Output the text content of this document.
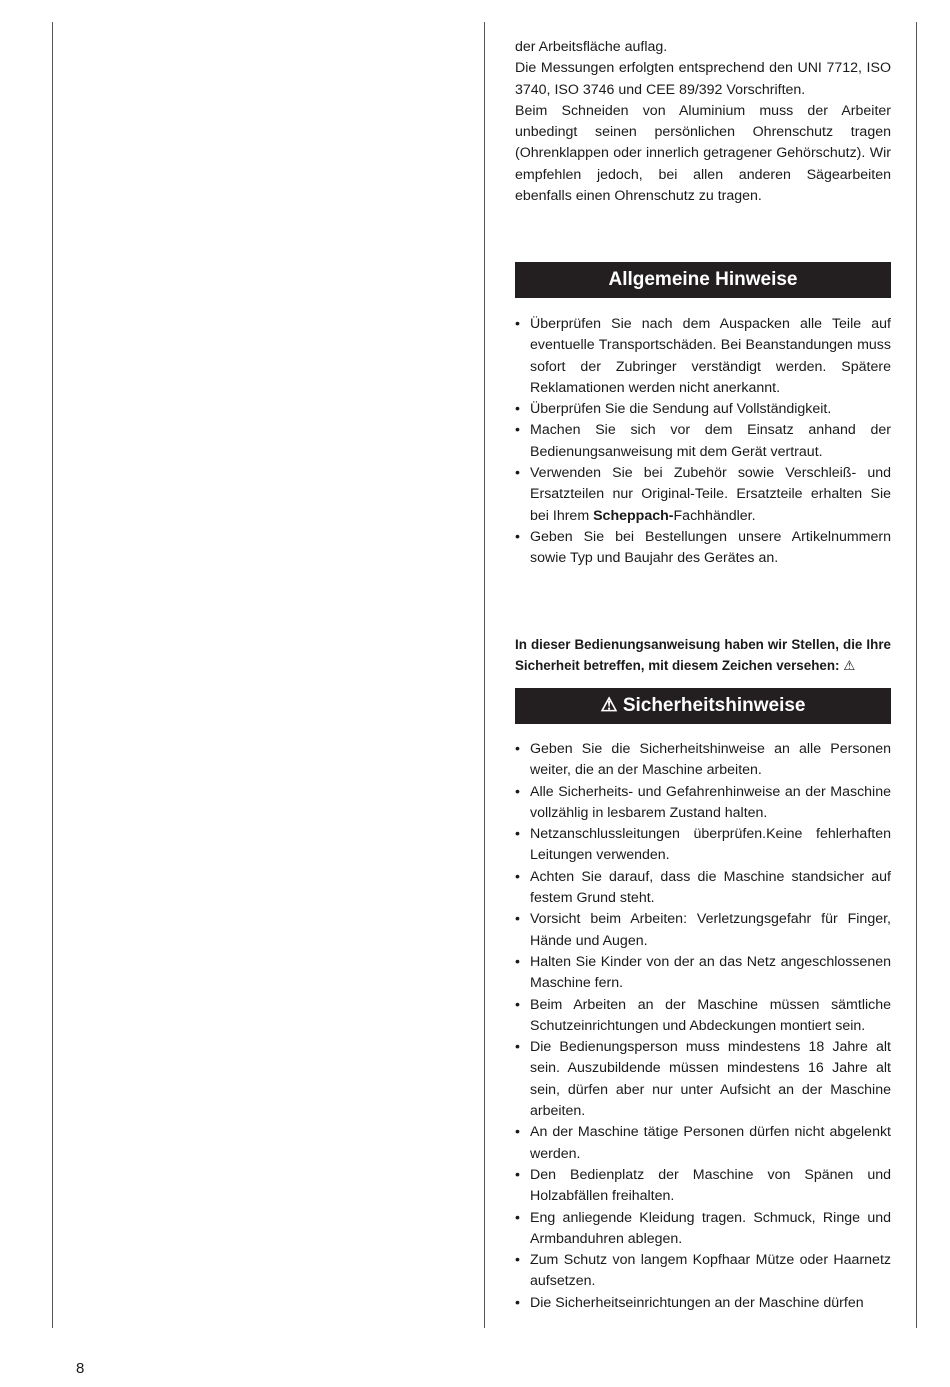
der Arbeitsfläche auflag.

Die Messungen erfolgten entsprechend den UNI 7712, ISO 3740, ISO 3746 und CEE 89/392 Vorschriften.

Beim Schneiden von Aluminium muss der Arbeiter unbedingt seinen persönlichen Ohrenschutz tragen (Ohrenklappen oder innerlich getragener Gehörschutz). Wir empfehlen jedoch, bei allen anderen Sägearbeiten ebenfalls einen Ohrenschutz zu tragen.

Allgemeine Hinweise
• Überprüfen Sie nach dem Auspacken alle Teile auf eventuelle Transportschäden. Bei Beanstandungen muss sofort der Zubringer verständigt werden. Spätere Reklamationen werden nicht anerkannt.
• Überprüfen Sie die Sendung auf Vollständigkeit.
• Machen Sie sich vor dem Einsatz anhand der Bedienungsanweisung mit dem Gerät vertraut.
• Verwenden Sie bei Zubehör sowie Verschleiß- und Ersatzteilen nur Original-Teile. Ersatzteile erhalten Sie bei Ihrem Scheppach-Fachhändler.
• Geben Sie bei Bestellungen unsere Artikelnummern sowie Typ und Baujahr des Gerätes an.
In dieser Bedienungsanweisung haben wir Stellen, die Ihre Sicherheit betreffen, mit diesem Zeichen versehen: ⚠
⚠ Sicherheitshinweise
• Geben Sie die Sicherheitshinweise an alle Personen weiter, die an der Maschine arbeiten.
• Alle Sicherheits- und Gefahrenhinweise an der Maschine vollzählig in lesbarem Zustand halten.
• Netzanschlussleitungen überprüfen.Keine fehlerhaften Leitungen verwenden.
• Achten Sie darauf, dass die Maschine standsicher auf festem Grund steht.
• Vorsicht beim Arbeiten: Verletzungsgefahr für Finger, Hände und Augen.
• Halten Sie Kinder von der an das Netz angeschlossenen Maschine fern.
• Beim Arbeiten an der Maschine müssen sämtliche Schutzeinrichtungen und Abdeckungen montiert sein.
• Die Bedienungsperson muss mindestens 18 Jahre alt sein. Auszubildende müssen mindestens 16 Jahre alt sein, dürfen aber nur unter Aufsicht an der Maschine arbeiten.
• An der Maschine tätige Personen dürfen nicht abgelenkt werden.
• Den Bedienplatz der Maschine von Spänen und Holzabfällen freihalten.
• Eng anliegende Kleidung tragen. Schmuck, Ringe und Armbanduhren ablegen.
• Zum Schutz von langem Kopfhaar Mütze oder Haarnetz aufsetzen.
• Die Sicherheitseinrichtungen an der Maschine dürfen
8
